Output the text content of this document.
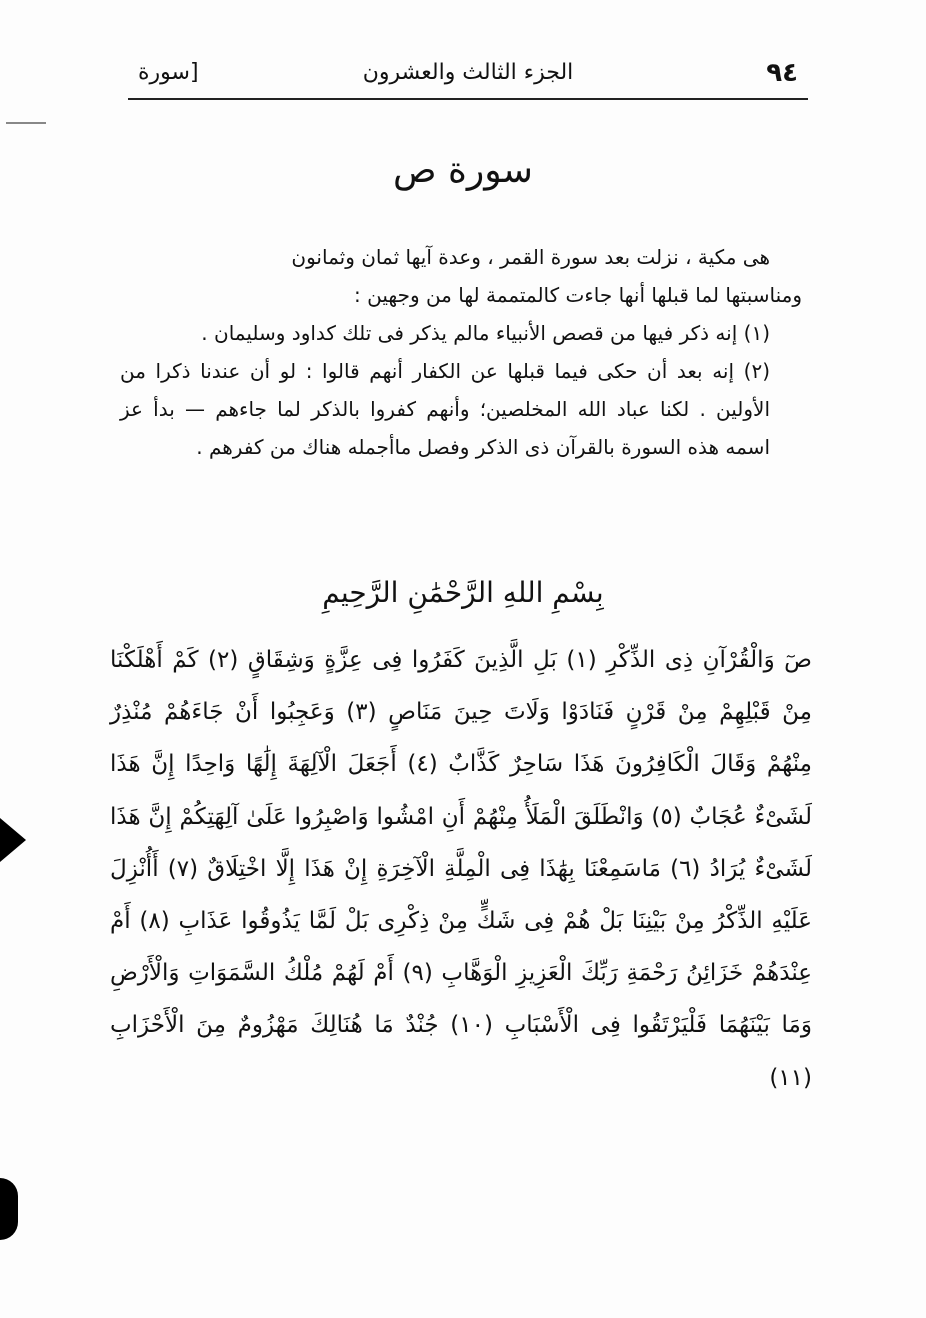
[سورة	الجزء الثالث والعشرون	٩٤
سورة ص

هى مكية ، نزلت بعد سورة القمر ، وعدة آيها ثمان وثمانون

ومناسبتها لما قبلها أنها جاءت كالمتممة لها من وجهين :

(١) إنه ذكر فيها من قصص الأنبياء مالم يذكر فى تلك كداود وسليمان .

(٢) إنه بعد أن حكى فيما قبلها عن الكفار أنهم قالوا : لو أن عندنا ذكرا من الأولين . لكنا عباد الله المخلصين؛ وأنهم كفروا بالذكر لما جاءهم — بدأ عز اسمه هذه السورة بالقرآن ذى الذكر وفصل ماأجمله هناك من كفرهم .

بِسْمِ اللهِ الرَّحْمَٰنِ الرَّحِيمِ
صٓ وَالْقُرْآنِ ذِى الذِّكْرِ (١) بَلِ الَّذِينَ كَفَرُوا فِى عِزَّةٍ وَشِقَاقٍ (٢) كَمْ أَهْلَكْنَا مِنْ قَبْلِهِمْ مِنْ قَرْنٍ فَنَادَوْا وَلَاتَ حِينَ مَنَاصٍ (٣) وَعَجِبُوا أَنْ جَاءَهُمْ مُنْذِرٌ مِنْهُمْ وَقَالَ الْكَافِرُونَ هَذَا سَاحِرٌ كَذَّابٌ (٤) أَجَعَلَ الْآلِهَةَ إِلَٰهًا وَاحِدًا إِنَّ هَذَا لَشَىْءٌ عُجَابٌ (٥) وَانْطَلَقَ الْمَلَأُ مِنْهُمْ أَنِ امْشُوا وَاصْبِرُوا عَلَىٰ آلِهَتِكُمْ إِنَّ هَذَا لَشَىْءٌ يُرَادُ (٦) مَاسَمِعْنَا بِهَٰذَا فِى الْمِلَّةِ الْآخِرَةِ إِنْ هَذَا إِلَّا اخْتِلَاقٌ (٧) أَأُنْزِلَ عَلَيْهِ الذِّكْرُ مِنْ بَيْنِنَا بَلْ هُمْ فِى شَكٍّ مِنْ ذِكْرِى بَلْ لَمَّا يَذُوقُوا عَذَابِ (٨) أَمْ عِنْدَهُمْ خَزَائِنُ رَحْمَةِ رَبِّكَ الْعَزِيزِ الْوَهَّابِ (٩) أَمْ لَهُمْ مُلْكُ السَّمَوَاتِ وَالْأَرْضِ وَمَا بَيْنَهُمَا فَلْيَرْتَقُوا فِى الْأَسْبَابِ (١٠) جُنْدٌ مَا هُنَالِكَ مَهْزُومٌ مِنَ الْأَحْزَابِ (١١)
